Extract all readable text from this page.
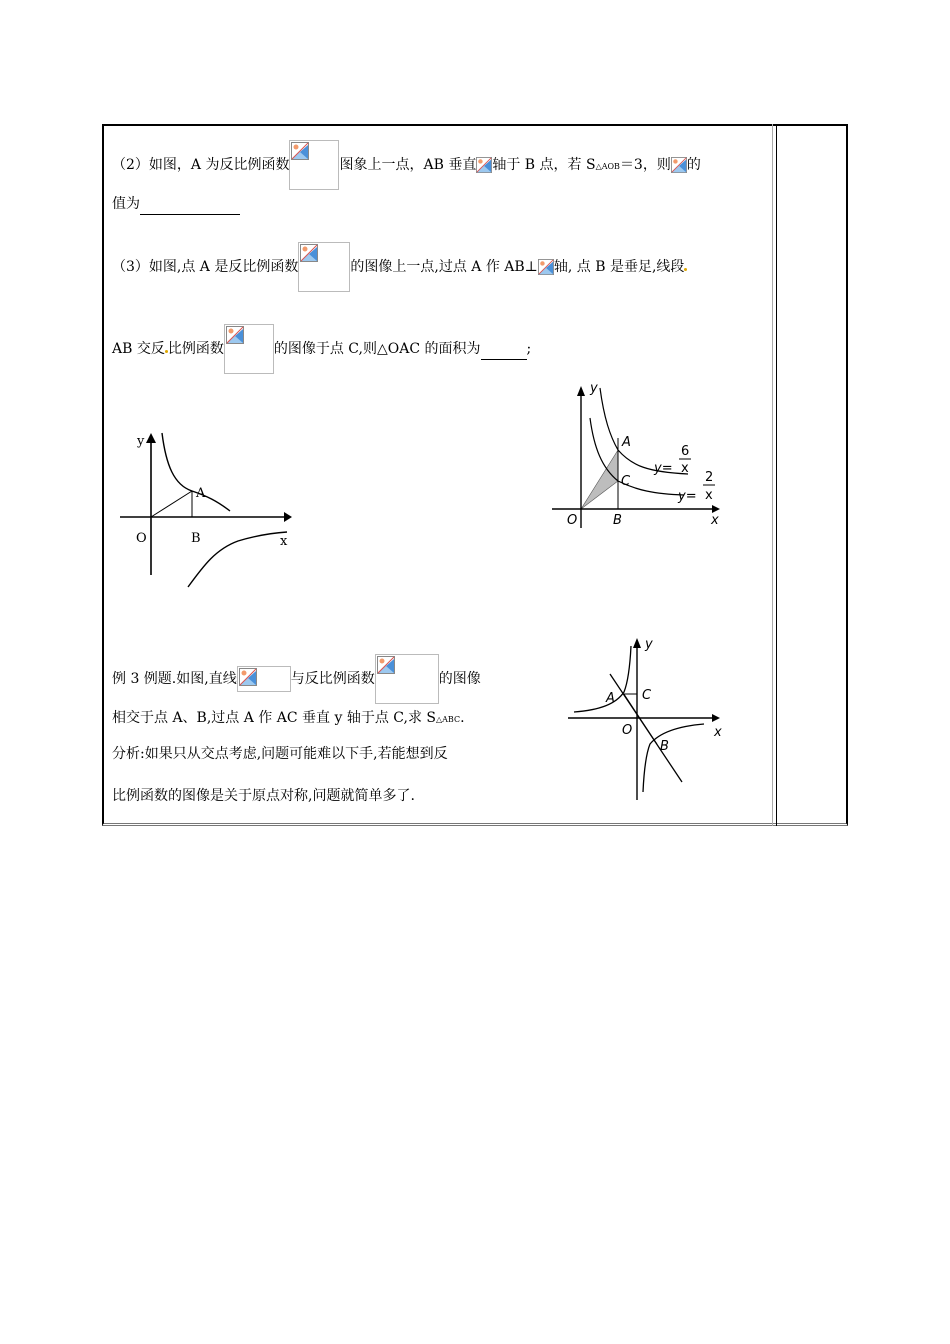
（2）如图，A 为反比例函数	图象上一点，AB 垂直 轴于 B 点，若 S△AOB＝3，则 的
值为
（3）如图,点 A 是反比例函数	的图像上一点,过点 A 作 AB⊥ 轴, 点 B 是垂足,线段
AB 交反 比例函数	的图像于点 C,则△OAC 的面积为	;
y
A
O	B	x
y
A
C
O	B	x
y=
6
x
y=
2
x
例 3 例题.如图,直线	与反比例函数	的图像
相交于点 A、B,过点 A 作 AC 垂直 y 轴于点 C,求 S△ABC.
分析:如果只从交点考虑,问题可能难以下手,若能想到反
比例函数的图像是关于原点对称,问题就简单多了.
y
A C
O
B
x
